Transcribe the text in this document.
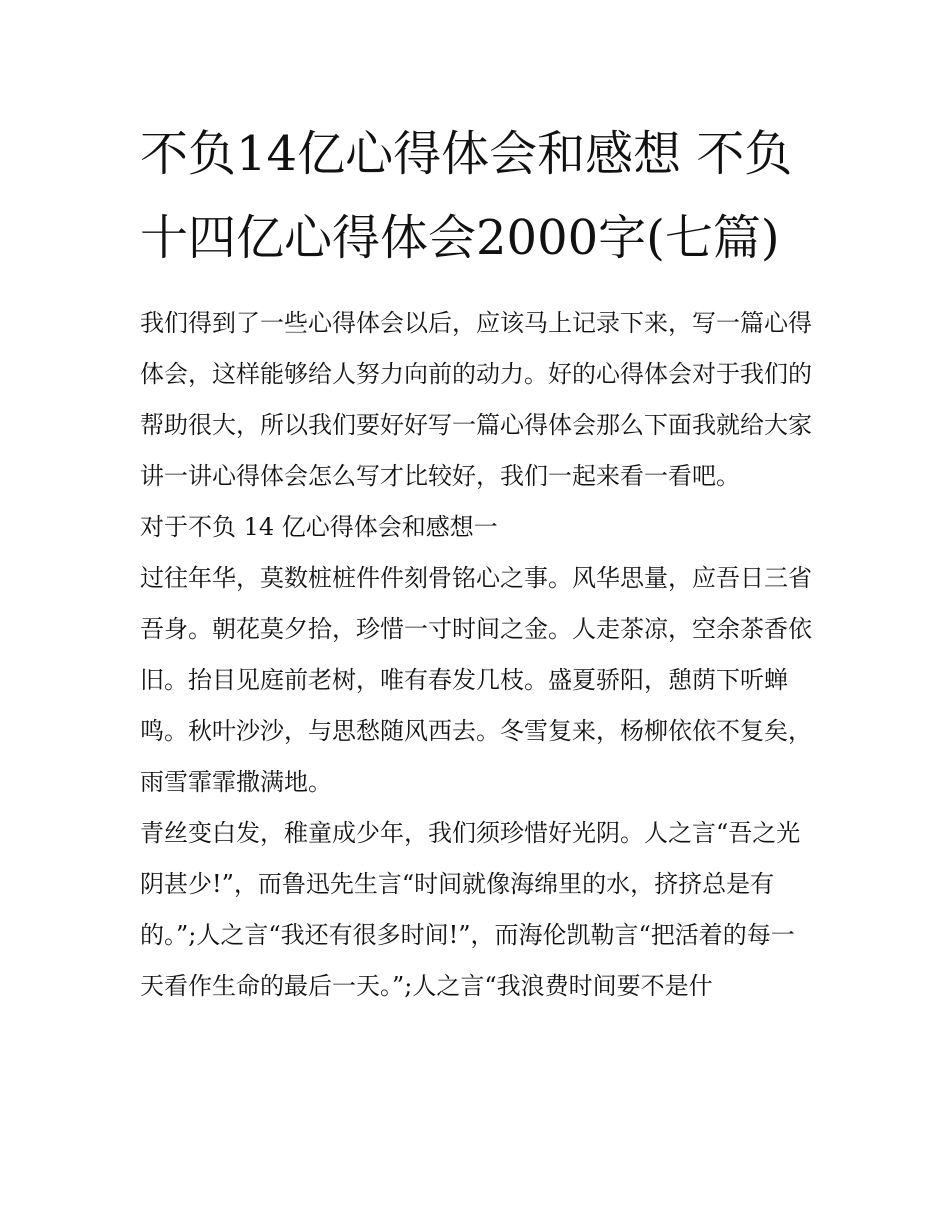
不负14亿心得体会和感想 不负十四亿心得体会2000字(七篇)

我们得到了一些心得体会以后，应该马上记录下来，写一篇心得体会，这样能够给人努力向前的动力。好的心得体会对于我们的帮助很大，所以我们要好好写一篇心得体会那么下面我就给大家讲一讲心得体会怎么写才比较好，我们一起来看一看吧。

对于不负 14 亿心得体会和感想一

过往年华，莫数桩桩件件刻骨铭心之事。风华思量，应吾日三省吾身。朝花莫夕拾，珍惜一寸时间之金。人走茶凉，空余茶香依旧。抬目见庭前老树，唯有春发几枝。盛夏骄阳，憩荫下听蝉鸣。秋叶沙沙，与思愁随风西去。冬雪复来，杨柳依依不复矣，雨雪霏霏撒满地。

青丝变白发，稚童成少年，我们须珍惜好光阴。人之言“吾之光阴甚少!”，而鲁迅先生言“时间就像海绵里的水，挤挤总是有的。”;人之言“我还有很多时间!”，而海伦凯勒言“把活着的每一天看作生命的最后一天。”;人之言“我浪费时间要不是什
